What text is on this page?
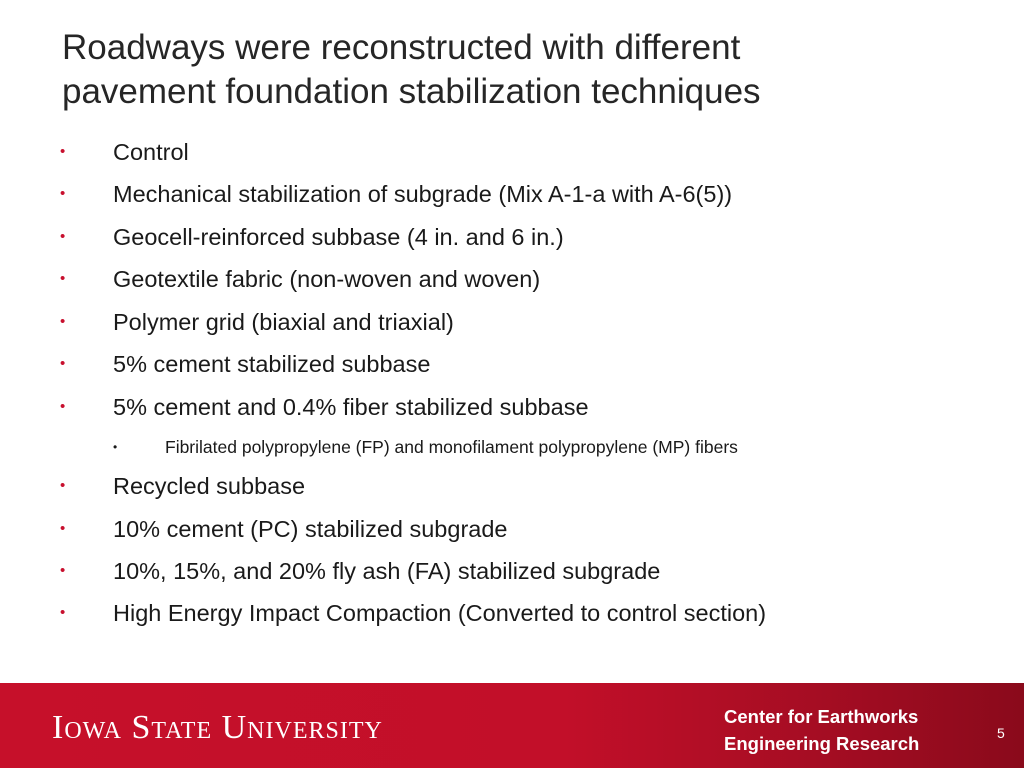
Roadways were reconstructed with different
pavement foundation stabilization techniques
• Control
• Mechanical stabilization of subgrade (Mix A-1-a with A-6(5))
• Geocell-reinforced subbase (4 in. and 6 in.)
• Geotextile fabric (non-woven and woven)
• Polymer grid (biaxial and triaxial)
• 5% cement stabilized subbase
• 5% cement and 0.4% fiber stabilized subbase
•	Fibrilated polypropylene (FP) and monofilament polypropylene (MP) fibers
• Recycled subbase
• 10% cement (PC) stabilized subgrade
• 10%, 15%, and 20% fly ash (FA) stabilized subgrade
• High Energy Impact Compaction (Converted to control section)
Iowa State University	Center for Earthworks
Engineering Research	5
